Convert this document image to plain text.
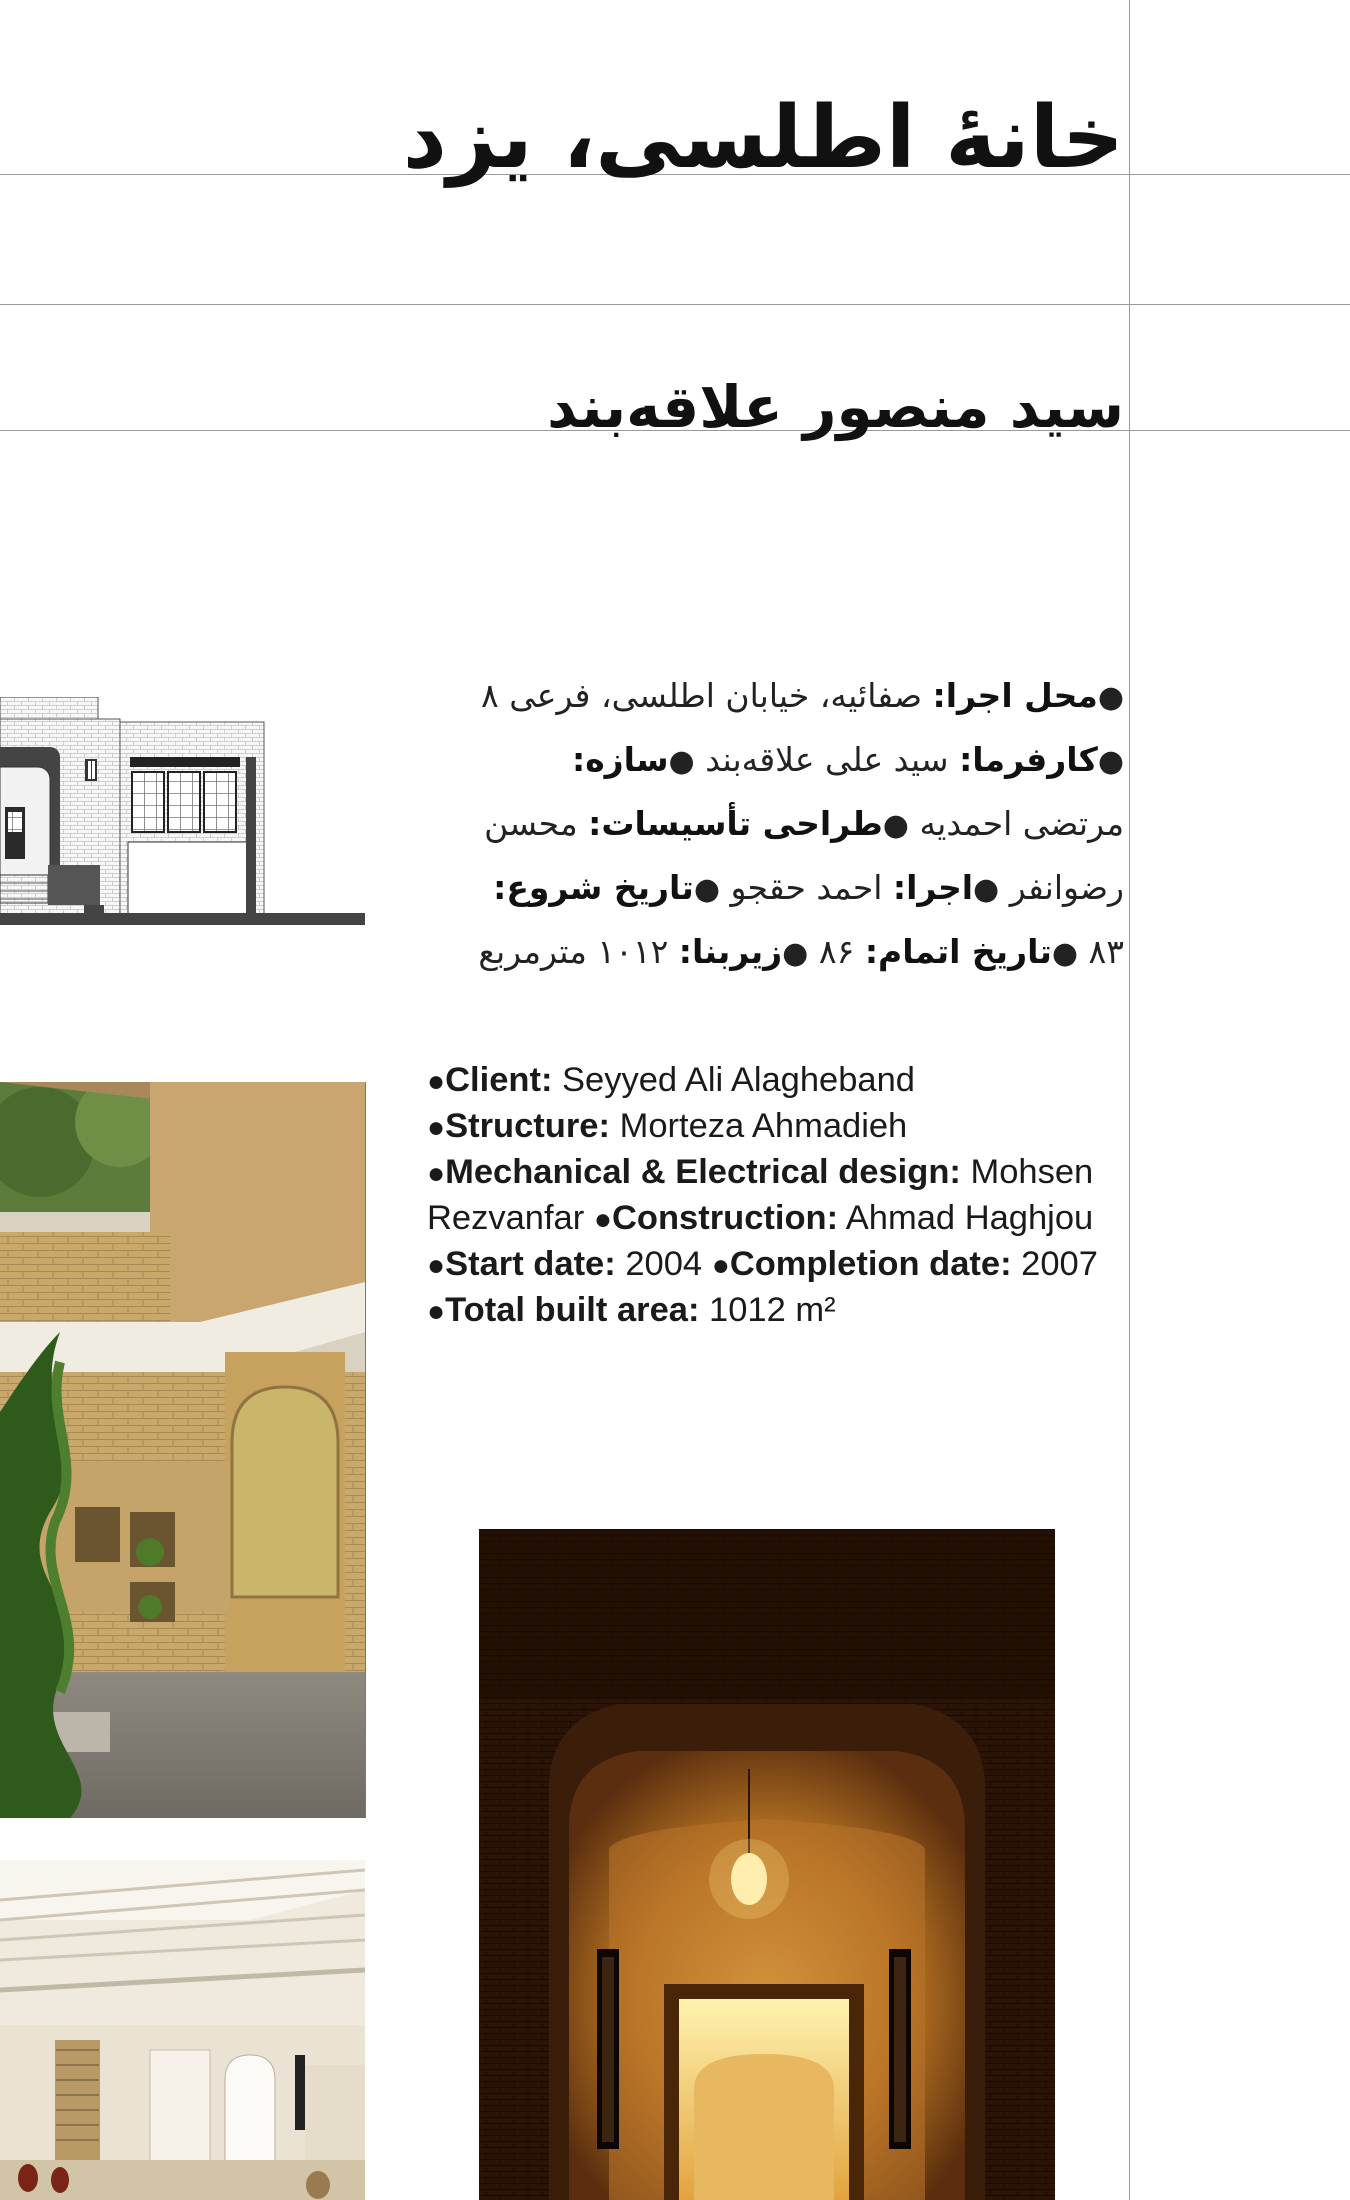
خانۀ اطلسی، یزد
سید منصور علاقه‌بند

●محل اجرا: صفائیه، خیابان اطلسی، فرعی ۸

●کارفرما: سید علی علاقه‌بند ●سازه: مرتضی احمدیه ●طراحی تأسیسات: محسن رضوانفر ●اجرا: احمد حقجو ●تاریخ شروع: ۸۳ ●تاریخ اتمام: ۸۶ ●زیربنا: ۱۰۱۲ مترمربع

●Client: Seyyed Ali Alagheband
●Structure: Morteza Ahmadieh
●Mechanical & Electrical design: Mohsen Rezvanfar ●Construction: Ahmad Haghjou ●Start date: 2004 ●Completion date: 2007 ●Total built area: 1012 m²
